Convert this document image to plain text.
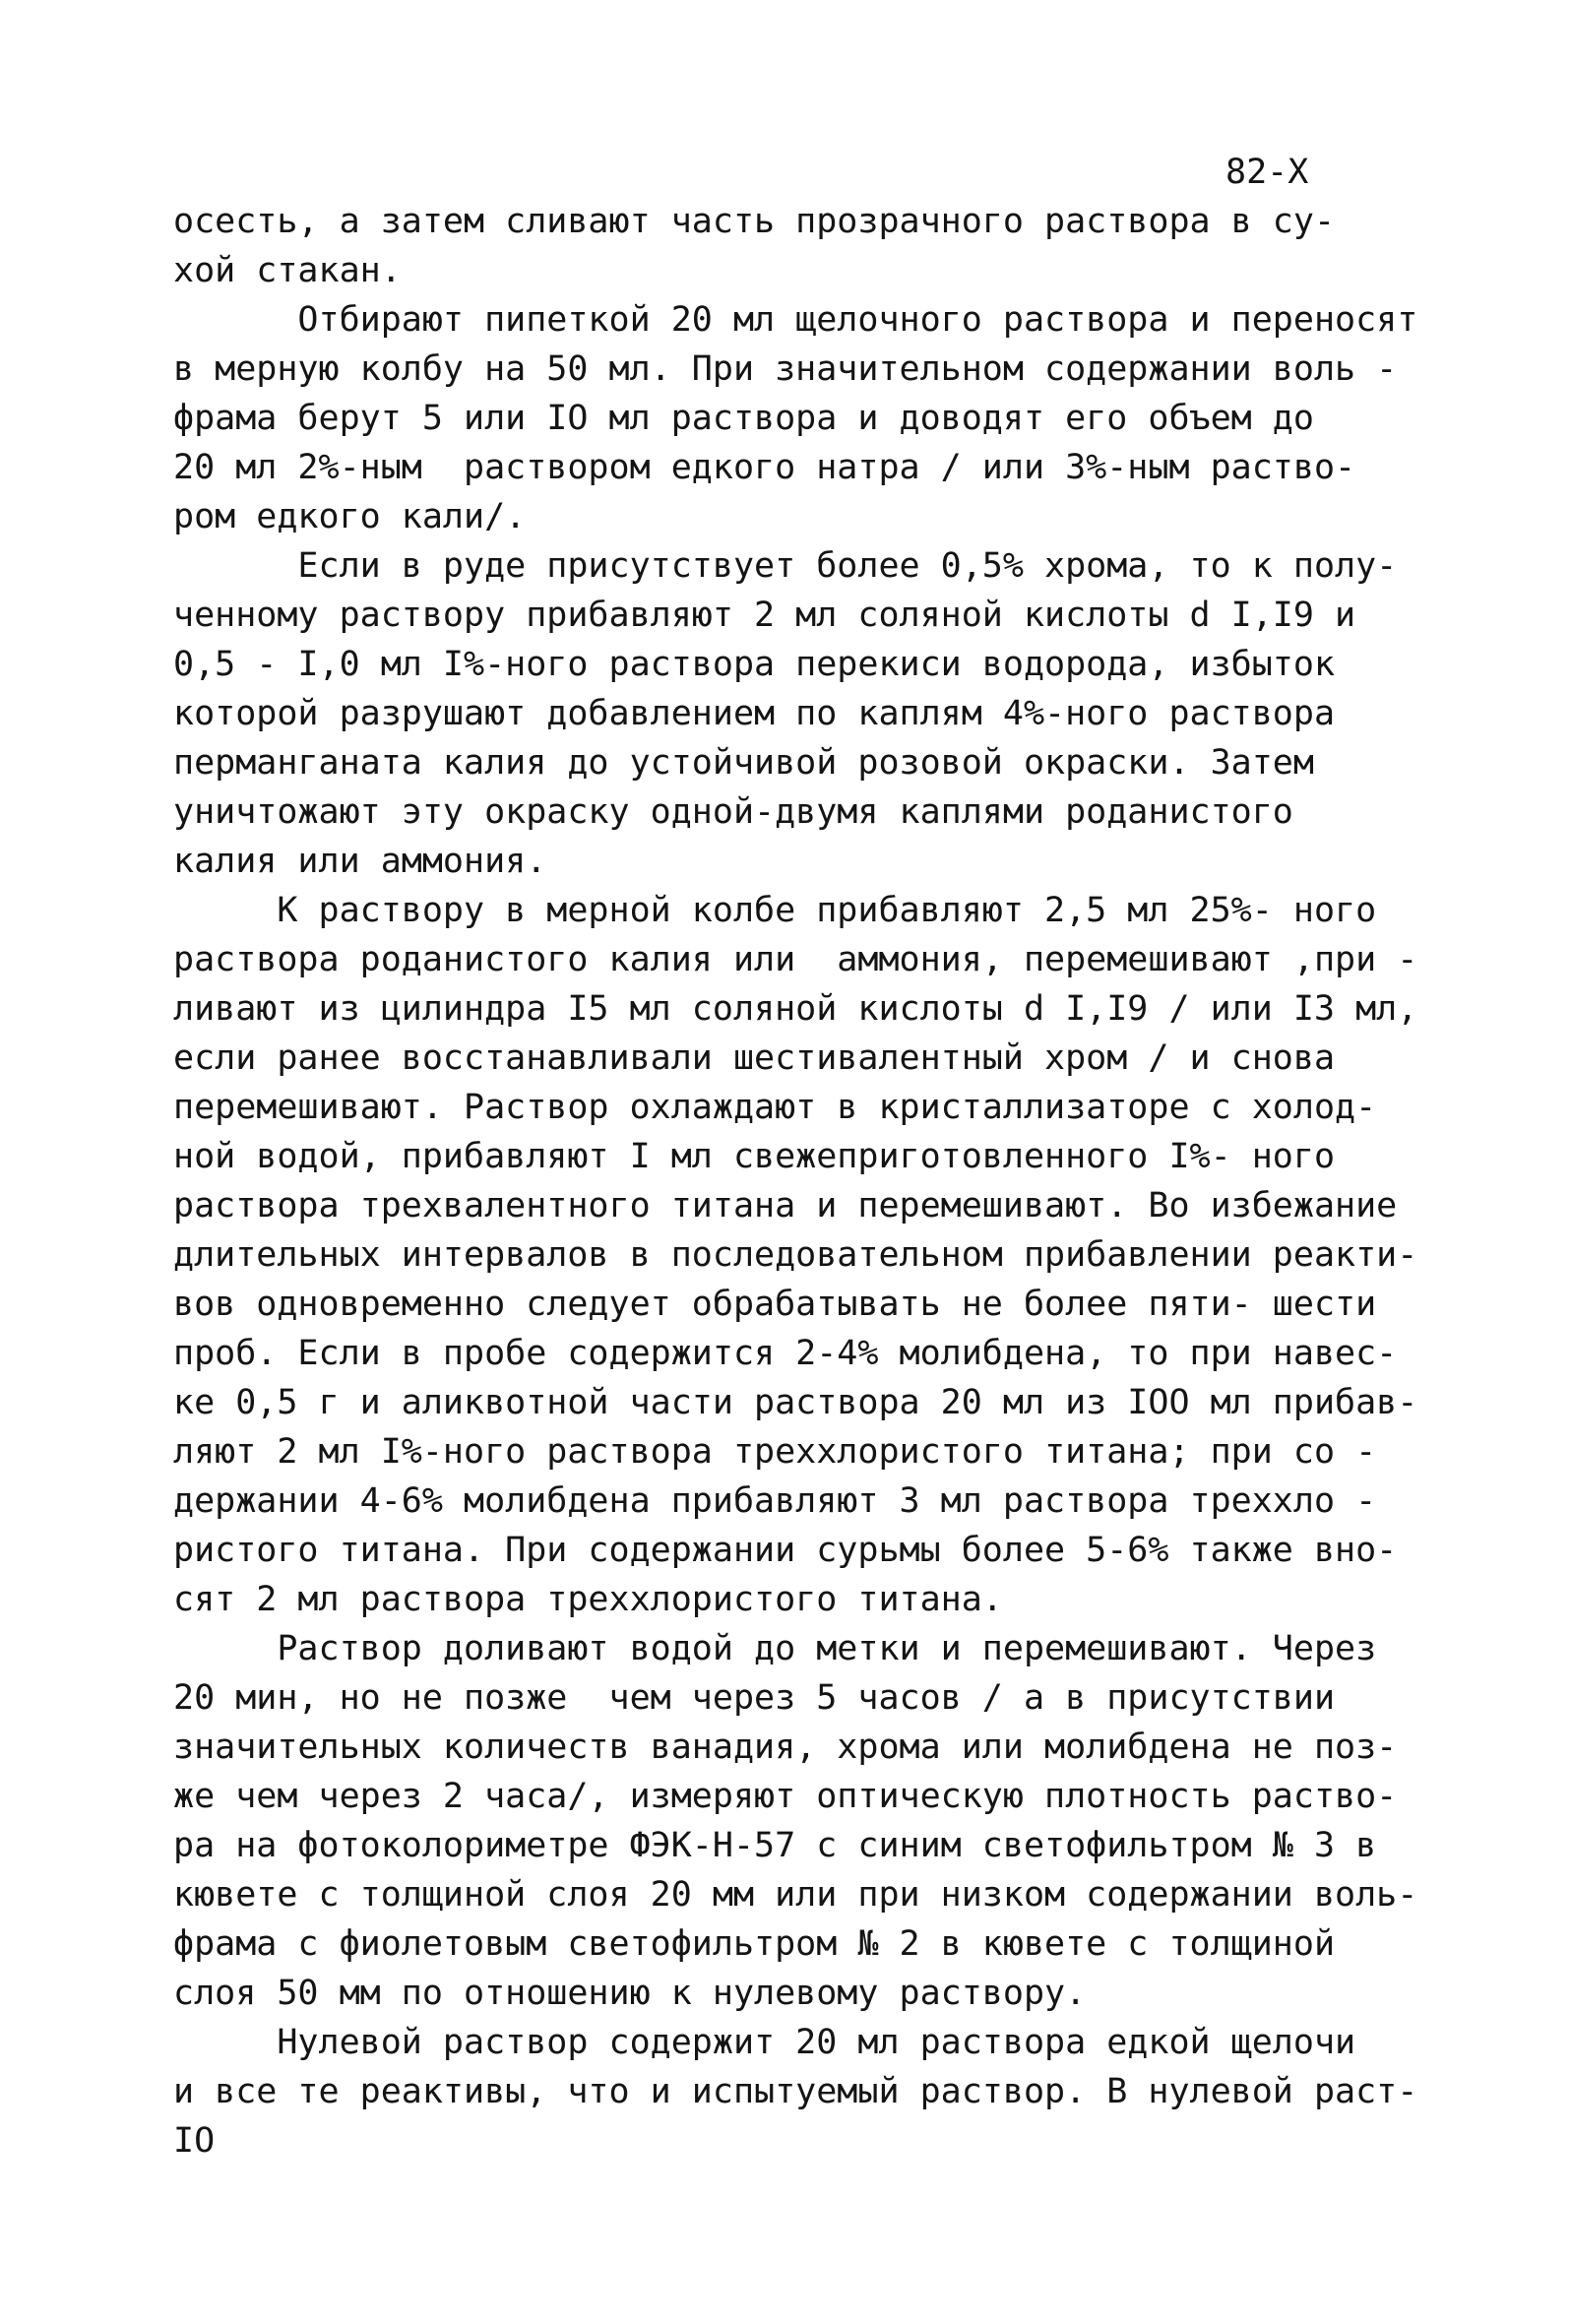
82-X
осесть, а затем сливают часть прозрачного раствора в су-
хой стакан.
Отбирают пипеткой 20 мл щелочного раствора и переносят
в мерную колбу на 50 мл. При значительном содержании воль -
фрама берут 5 или IO мл раствора и доводят его объем до
20 мл 2%-ным  раствором едкого натра / или 3%-ным раство-
ром едкого кали/.
Если в руде присутствует более 0,5% хрома, то к полу-
ченному раствору прибавляют 2 мл соляной кислоты d I,I9 и
0,5 - I,0 мл I%-ного раствора перекиси водорода, избыток
которой разрушают добавлением по каплям 4%-ного раствора
перманганата калия до устойчивой розовой окраски. Затем
уничтожают эту окраску одной-двумя каплями роданистого
калия или аммония.
К раствору в мерной колбе прибавляют 2,5 мл 25%- ного
раствора роданистого калия или  аммония, перемешивают ,при -
ливают из цилиндра I5 мл соляной кислоты d I,I9 / или I3 мл,
если ранее восстанавливали шестивалентный хром / и снова
перемешивают. Раствор охлаждают в кристаллизаторе с холод-
ной водой, прибавляют I мл свежеприготовленного I%- ного
раствора трехвалентного титана и перемешивают. Во избежание
длительных интервалов в последовательном прибавлении реакти-
вов одновременно следует обрабатывать не более пяти- шести
проб. Если в пробе содержится 2-4% молибдена, то при навес-
ке 0,5 г и аликвотной части раствора 20 мл из IOO мл прибав-
ляют 2 мл I%-ного раствора треххлористого титана; при со -
держании 4-6% молибдена прибавляют 3 мл раствора треххло -
ристого титана. При содержании сурьмы более 5-6% также вно-
сят 2 мл раствора треххлористого титана.
Раствор доливают водой до метки и перемешивают. Через
20 мин, но не позже  чем через 5 часов / а в присутствии
значительных количеств ванадия, хрома или молибдена не поз-
же чем через 2 часа/, измеряют оптическую плотность раство-
ра на фотоколориметре ФЭК-Н-57 с синим светофильтром № 3 в
кювете с толщиной слоя 20 мм или при низком содержании воль-
фрама с фиолетовым светофильтром № 2 в кювете с толщиной
слоя 50 мм по отношению к нулевому раствору.
Нулевой раствор содержит 20 мл раствора едкой щелочи
и все те реактивы, что и испытуемый раствор. В нулевой раст-
IO
